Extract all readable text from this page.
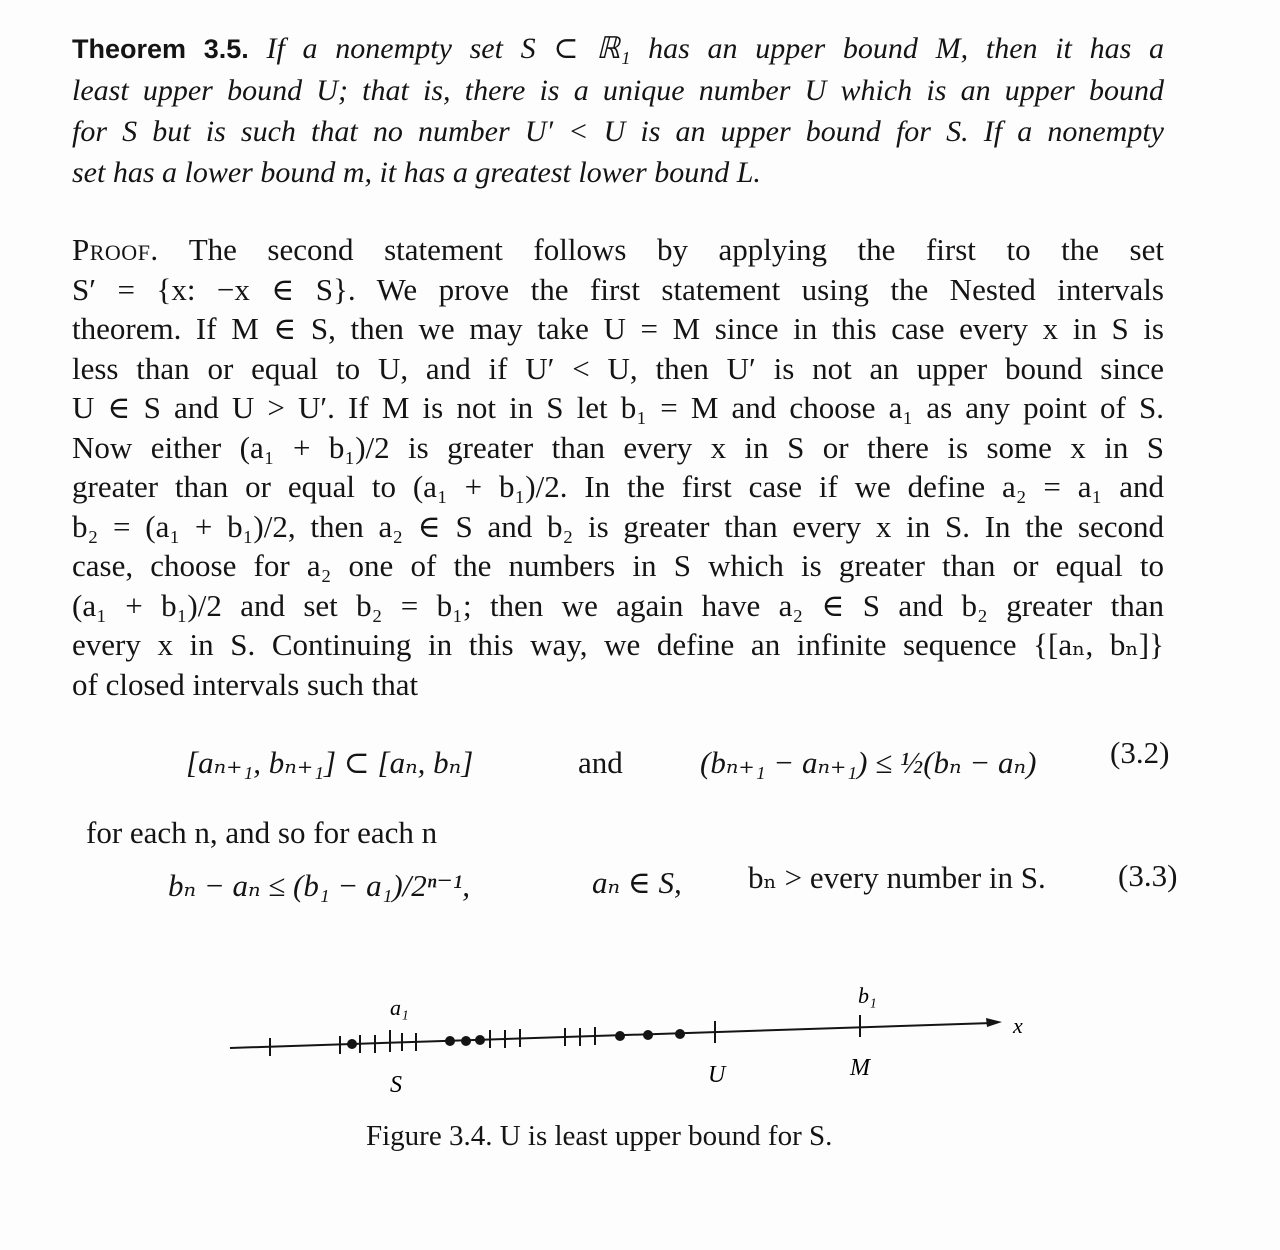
Theorem 3.5. If a nonempty set S ⊂ ℝ₁ has an upper bound M, then it has a
least upper bound U; that is, there is a unique number U which is an upper bound
for S but is such that no number U′ < U is an upper bound for S. If a nonempty
set has a lower bound m, it has a greatest lower bound L.
Proof. The second statement follows by applying the first to the set
S′ = {x: −x ∈ S}. We prove the first statement using the Nested intervals
theorem. If M ∈ S, then we may take U = M since in this case every x in S is
less than or equal to U, and if U′ < U, then U′ is not an upper bound since
U ∈ S and U > U′. If M is not in S let b₁ = M and choose a₁ as any point of S.
Now either (a₁ + b₁)/2 is greater than every x in S or there is some x in S
greater than or equal to (a₁ + b₁)/2. In the first case if we define a₂ = a₁ and
b₂ = (a₁ + b₁)/2, then a₂ ∈ S and b₂ is greater than every x in S. In the second
case, choose for a₂ one of the numbers in S which is greater than or equal to
(a₁ + b₁)/2 and set b₂ = b₁; then we again have a₂ ∈ S and b₂ greater than
every x in S. Continuing in this way, we define an infinite sequence {[aₙ, bₙ]}
of closed intervals such that
[aₙ₊₁, bₙ₊₁] ⊂ [aₙ, bₙ]	and (bₙ₊₁ − aₙ₊₁) ≤ ½(bₙ − aₙ) (3.2)
for each n, and so for each n
bₙ − aₙ ≤ (b₁ − a₁)/2ⁿ⁻¹,	aₙ ∈ S, bₙ > every number in S. (3.3)
a₁	b₁
S	U	M
x
Figure 3.4. U is least upper bound for S.
